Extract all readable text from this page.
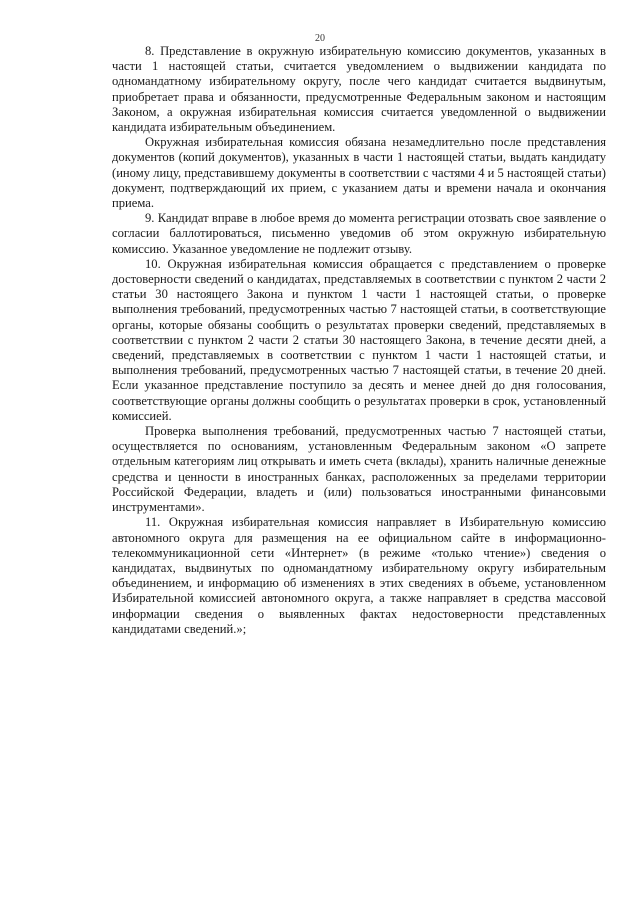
20

8. Представление в окружную избирательную комиссию документов, указанных в части 1 настоящей статьи, считается уведомлением о выдвижении кандидата по одномандатному избирательному округу, после чего кандидат считается выдвинутым, приобретает права и обязанности, предусмотренные Федеральным законом и настоящим Законом, а окружная избирательная комиссия считается уведомленной о выдвижении кандидата избирательным объединением.

Окружная избирательная комиссия обязана незамедлительно после представления документов (копий документов), указанных в части 1 настоящей статьи, выдать кандидату (иному лицу, представившему документы в соответствии с частями 4 и 5 настоящей статьи) документ, подтверждающий их прием, с указанием даты и времени начала и окончания приема.

9. Кандидат вправе в любое время до момента регистрации отозвать свое заявление о согласии баллотироваться, письменно уведомив об этом окружную избирательную комиссию. Указанное уведомление не подлежит отзыву.

10. Окружная избирательная комиссия обращается с представлением о проверке достоверности сведений о кандидатах, представляемых в соответствии с пунктом 2 части 2 статьи 30 настоящего Закона и пунктом 1 части 1 настоящей статьи, о проверке выполнения требований, предусмотренных частью 7 настоящей статьи, в соответствующие органы, которые обязаны сообщить о результатах проверки сведений, представляемых в соответствии с пунктом 2 части 2 статьи 30 настоящего Закона, в течение десяти дней, а сведений, представляемых в соответствии с пунктом 1 части 1 настоящей статьи, и выполнения требований, предусмотренных частью 7 настоящей статьи, в течение 20 дней. Если указанное представление поступило за десять и менее дней до дня голосования, соответствующие органы должны сообщить о результатах проверки в срок, установленный комиссией.

Проверка выполнения требований, предусмотренных частью 7 настоящей статьи, осуществляется по основаниям, установленным Федеральным законом «О запрете отдельным категориям лиц открывать и иметь счета (вклады), хранить наличные денежные средства и ценности в иностранных банках, расположенных за пределами территории Российской Федерации, владеть и (или) пользоваться иностранными финансовыми инструментами».

11. Окружная избирательная комиссия направляет в Избирательную комиссию автономного округа для размещения на ее официальном сайте в информационно-телекоммуникационной сети «Интернет» (в режиме «только чтение») сведения о кандидатах, выдвинутых по одномандатному избирательному округу избирательным объединением, и информацию об изменениях в этих сведениях в объеме, установленном Избирательной комиссией автономного округа, а также направляет в средства массовой информации сведения о выявленных фактах недостоверности представленных кандидатами сведений.»;
